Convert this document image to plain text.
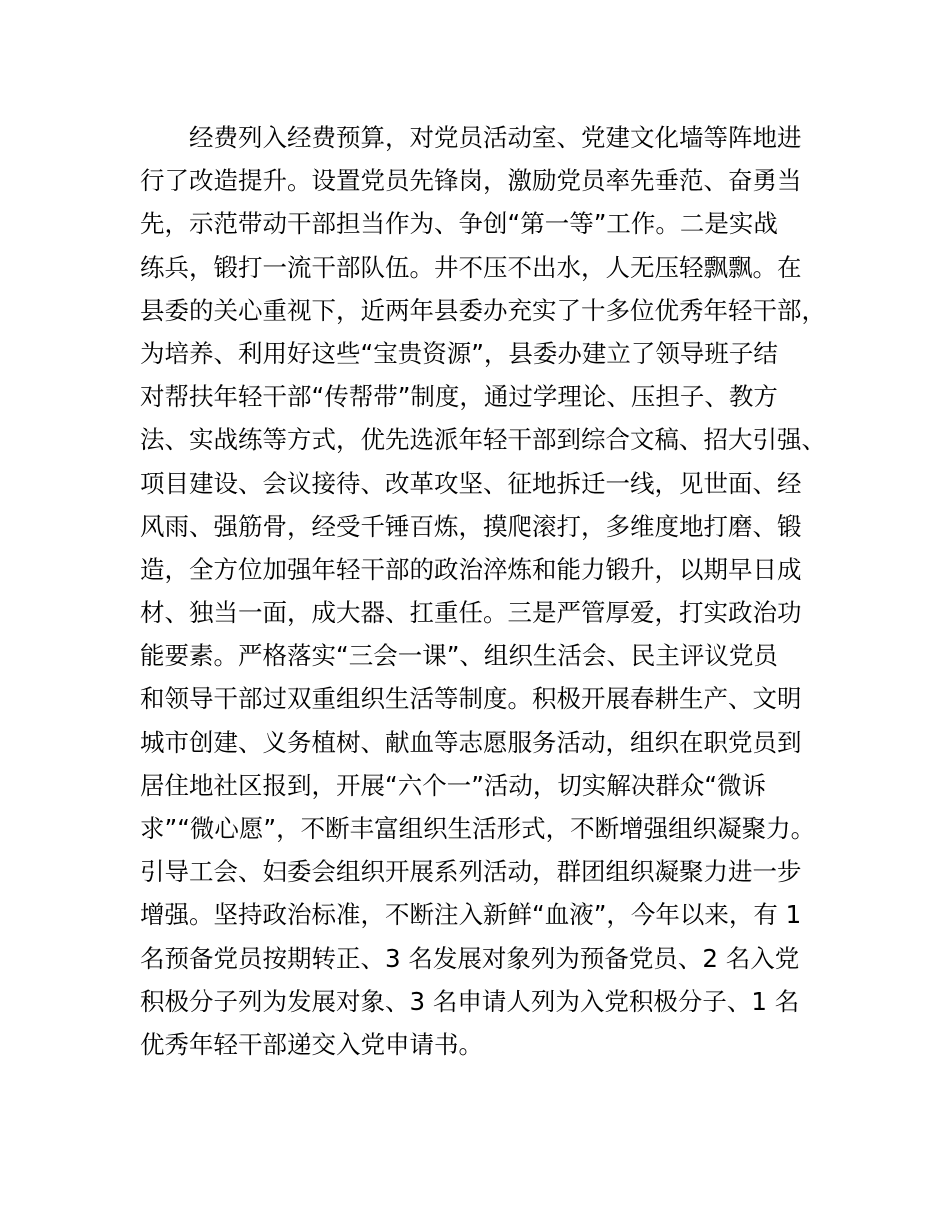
经费列入经费预算，对党员活动室、党建文化墙等阵地进
行了改造提升。设置党员先锋岗，激励党员率先垂范、奋勇当
先，示范带动干部担当作为、争创“第一等”工作。二是实战
练兵，锻打一流干部队伍。井不压不出水，人无压轻飘飘。在
县委的关心重视下，近两年县委办充实了十多位优秀年轻干部，
为培养、利用好这些“宝贵资源”，县委办建立了领导班子结
对帮扶年轻干部“传帮带”制度，通过学理论、压担子、教方
法、实战练等方式，优先选派年轻干部到综合文稿、招大引强、
项目建设、会议接待、改革攻坚、征地拆迁一线，见世面、经
风雨、强筋骨，经受千锤百炼，摸爬滚打，多维度地打磨、锻
造，全方位加强年轻干部的政治淬炼和能力锻升，以期早日成
材、独当一面，成大器、扛重任。三是严管厚爱，打实政治功
能要素。严格落实“三会一课”、组织生活会、民主评议党员
和领导干部过双重组织生活等制度。积极开展春耕生产、文明
城市创建、义务植树、献血等志愿服务活动，组织在职党员到
居住地社区报到，开展“六个一”活动，切实解决群众“微诉
求”“微心愿”，不断丰富组织生活形式，不断增强组织凝聚力。
引导工会、妇委会组织开展系列活动，群团组织凝聚力进一步
增强。坚持政治标准，不断注入新鲜“血液”，今年以来，有 1
名预备党员按期转正、3 名发展对象列为预备党员、2 名入党
积极分子列为发展对象、3 名申请人列为入党积极分子、1 名
优秀年轻干部递交入党申请书。
